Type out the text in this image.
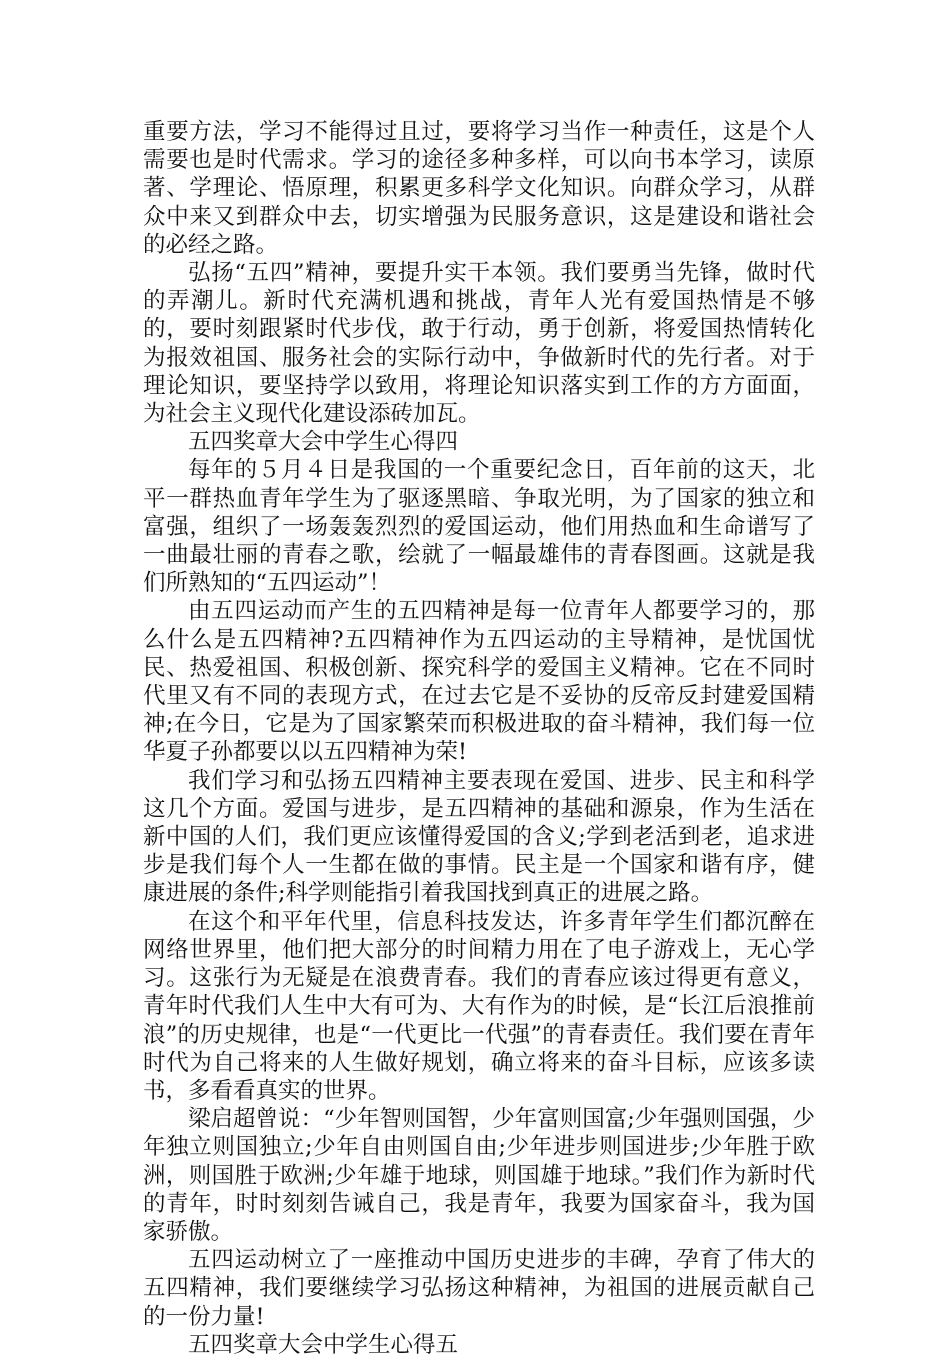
重要方法，学习不能得过且过，要将学习当作一种责任，这是个人需要也是时代需求。学习的途径多种多样，可以向书本学习，读原著、学理论、悟原理，积累更多科学文化知识。向群众学习，从群众中来又到群众中去，切实增强为民服务意识，这是建设和谐社会的必经之路。

弘扬“五四”精神，要提升实干本领。我们要勇当先锋，做时代的弄潮儿。新时代充满机遇和挑战，青年人光有爱国热情是不够的，要时刻跟紧时代步伐，敢于行动，勇于创新，将爱国热情转化为报效祖国、服务社会的实际行动中，争做新时代的先行者。对于理论知识，要坚持学以致用，将理论知识落实到工作的方方面面，为社会主义现代化建设添砖加瓦。

五四奖章大会中学生心得四

每年的５月４日是我国的一个重要纪念日，百年前的这天，北平一群热血青年学生为了驱逐黑暗、争取光明，为了国家的独立和富强，组织了一场轰轰烈烈的爱国运动，他们用热血和生命谱写了一曲最壮丽的青春之歌，绘就了一幅最雄伟的青春图画。这就是我们所熟知的“五四运动”！

由五四运动而产生的五四精神是每一位青年人都要学习的，那么什么是五四精神?五四精神作为五四运动的主导精神，是忧国忧民、热爱祖国、积极创新、探究科学的爱国主义精神。它在不同时代里又有不同的表现方式，在过去它是不妥协的反帝反封建爱国精神;在今日，它是为了国家繁荣而积极进取的奋斗精神，我们每一位华夏子孙都要以以五四精神为荣!

我们学习和弘扬五四精神主要表现在爱国、进步、民主和科学这几个方面。爱国与进步，是五四精神的基础和源泉，作为生活在新中国的人们，我们更应该懂得爱国的含义;学到老活到老，追求进步是我们每个人一生都在做的事情。民主是一个国家和谐有序，健康进展的条件;科学则能指引着我国找到真正的进展之路。

在这个和平年代里，信息科技发达，许多青年学生们都沉醉在网络世界里，他们把大部分的时间精力用在了电子游戏上，无心学习。这张行为无疑是在浪费青春。我们的青春应该过得更有意义，青年时代我们人生中大有可为、大有作为的时候，是“长江后浪推前浪”的历史规律，也是“一代更比一代强”的青春责任。我们要在青年时代为自己将来的人生做好规划，确立将来的奋斗目标，应该多读书，多看看真实的世界。

梁启超曾说：“少年智则国智，少年富则国富;少年强则国强，少年独立则国独立;少年自由则国自由;少年进步则国进步;少年胜于欧洲，则国胜于欧洲;少年雄于地球，则国雄于地球。”我们作为新时代的青年，时时刻刻告诫自己，我是青年，我要为国家奋斗，我为国家骄傲。

五四运动树立了一座推动中国历史进步的丰碑，孕育了伟大的五四精神，我们要继续学习弘扬这种精神，为祖国的进展贡献自己的一份力量!

五四奖章大会中学生心得五
